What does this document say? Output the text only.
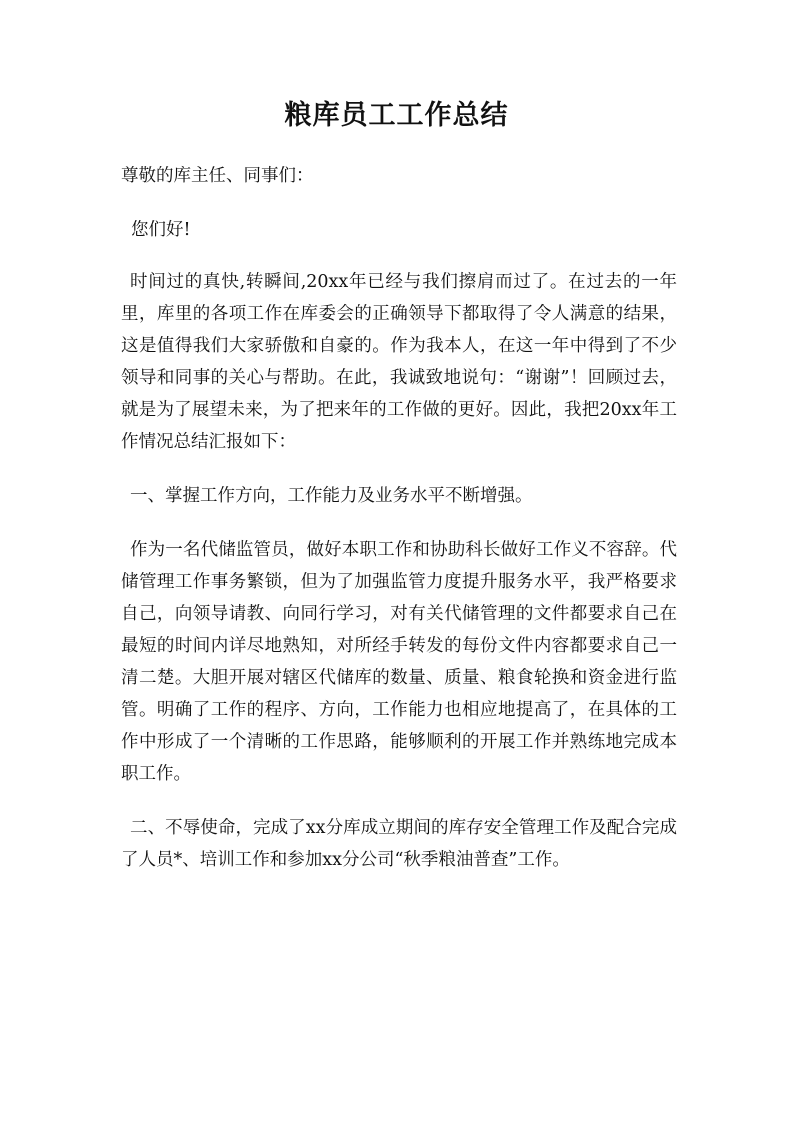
粮库员工工作总结

尊敬的库主任、同事们：

您们好!

时间过的真快,转瞬间,20xx年已经与我们擦肩而过了。在过去的一年里，库里的各项工作在库委会的正确领导下都取得了令人满意的结果，这是值得我们大家骄傲和自豪的。作为我本人，在这一年中得到了不少领导和同事的关心与帮助。在此，我诚致地说句：“谢谢”！回顾过去，就是为了展望未来，为了把来年的工作做的更好。因此，我把20xx年工作情况总结汇报如下：

一、掌握工作方向，工作能力及业务水平不断增强。

作为一名代储监管员，做好本职工作和协助科长做好工作义不容辞。代储管理工作事务繁锁，但为了加强监管力度提升服务水平，我严格要求自己，向领导请教、向同行学习，对有关代储管理的文件都要求自己在最短的时间内详尽地熟知，对所经手转发的每份文件内容都要求自己一清二楚。大胆开展对辖区代储库的数量、质量、粮食轮换和资金进行监管。明确了工作的程序、方向，工作能力也相应地提高了，在具体的工作中形成了一个清晰的工作思路，能够顺利的开展工作并熟练地完成本职工作。

二、不辱使命，完成了xx分库成立期间的库存安全管理工作及配合完成了人员*、培训工作和参加xx分公司“秋季粮油普查”工作。
